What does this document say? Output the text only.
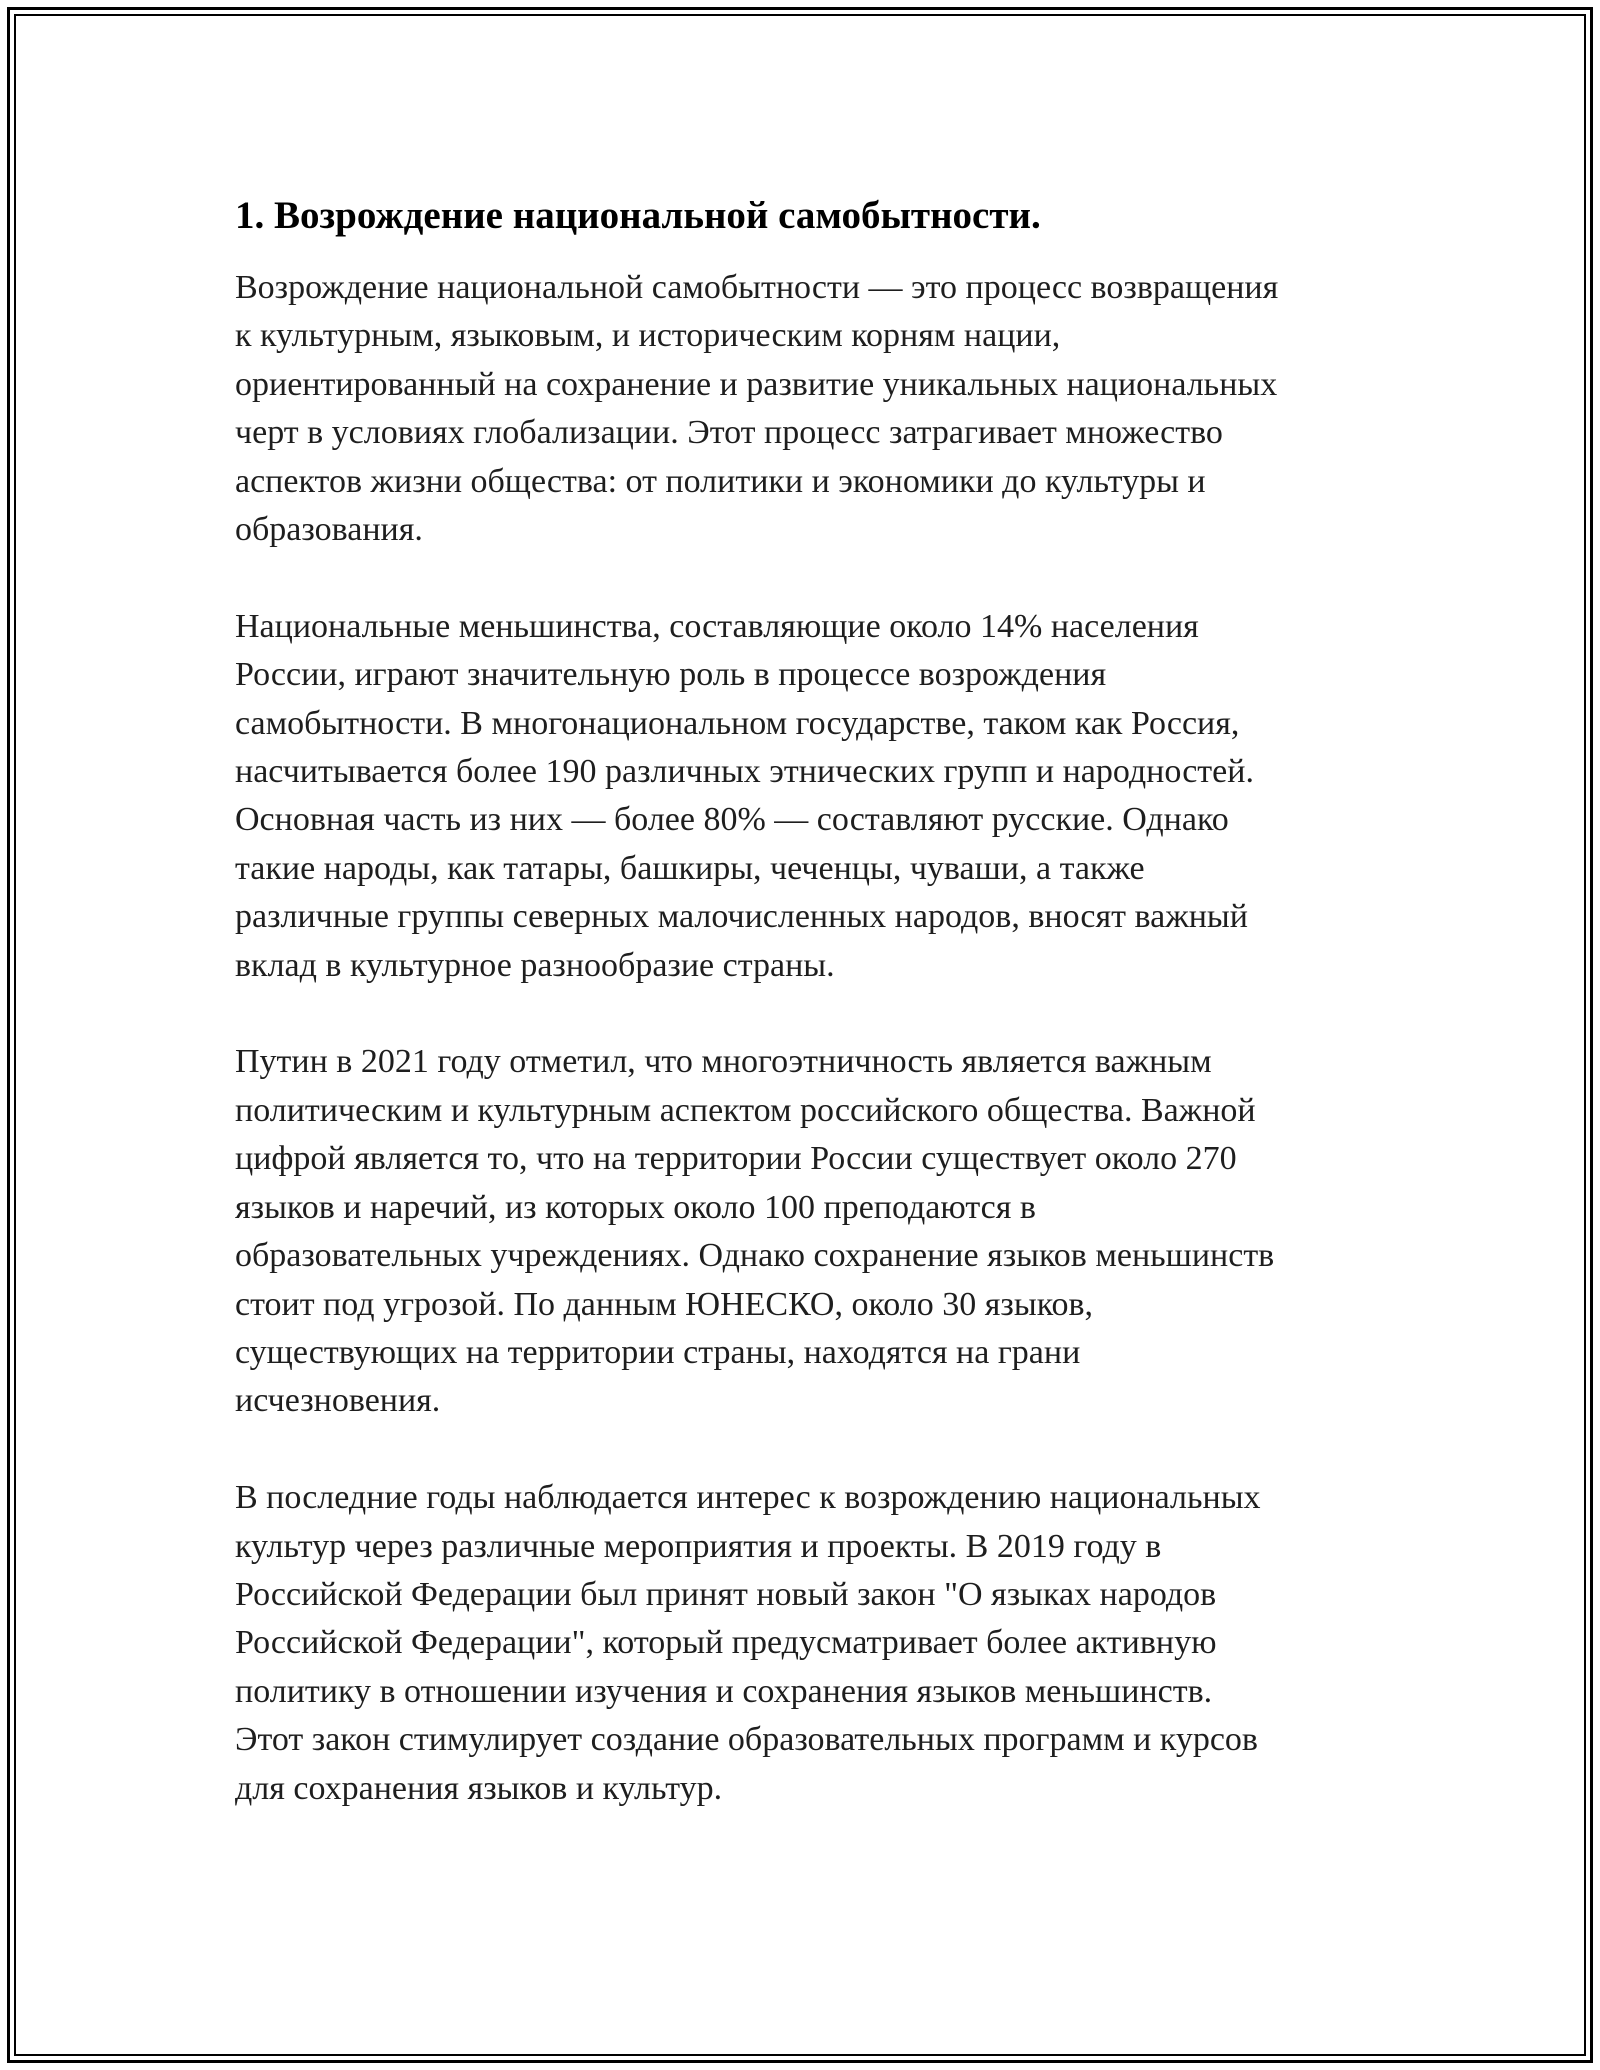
1. Возрождение национальной самобытности.

Возрождение национальной самобытности — это процесс возвращения
к культурным, языковым, и историческим корням нации,
ориентированный на сохранение и развитие уникальных национальных
черт в условиях глобализации. Этот процесс затрагивает множество
аспектов жизни общества: от политики и экономики до культуры и
образования.

Национальные меньшинства, составляющие около 14% населения
России, играют значительную роль в процессе возрождения
самобытности. В многонациональном государстве, таком как Россия,
насчитывается более 190 различных этнических групп и народностей.
Основная часть из них — более 80% — составляют русские. Однако
такие народы, как татары, башкиры, чеченцы, чуваши, а также
различные группы северных малочисленных народов, вносят важный
вклад в культурное разнообразие страны.

Путин в 2021 году отметил, что многоэтничность является важным
политическим и культурным аспектом российского общества. Важной
цифрой является то, что на территории России существует около 270
языков и наречий, из которых около 100 преподаются в
образовательных учреждениях. Однако сохранение языков меньшинств
стоит под угрозой. По данным ЮНЕСКО, около 30 языков,
существующих на территории страны, находятся на грани
исчезновения.

В последние годы наблюдается интерес к возрождению национальных
культур через различные мероприятия и проекты. В 2019 году в
Российской Федерации был принят новый закон "О языках народов
Российской Федерации", который предусматривает более активную
политику в отношении изучения и сохранения языков меньшинств.
Этот закон стимулирует создание образовательных программ и курсов
для сохранения языков и культур.
